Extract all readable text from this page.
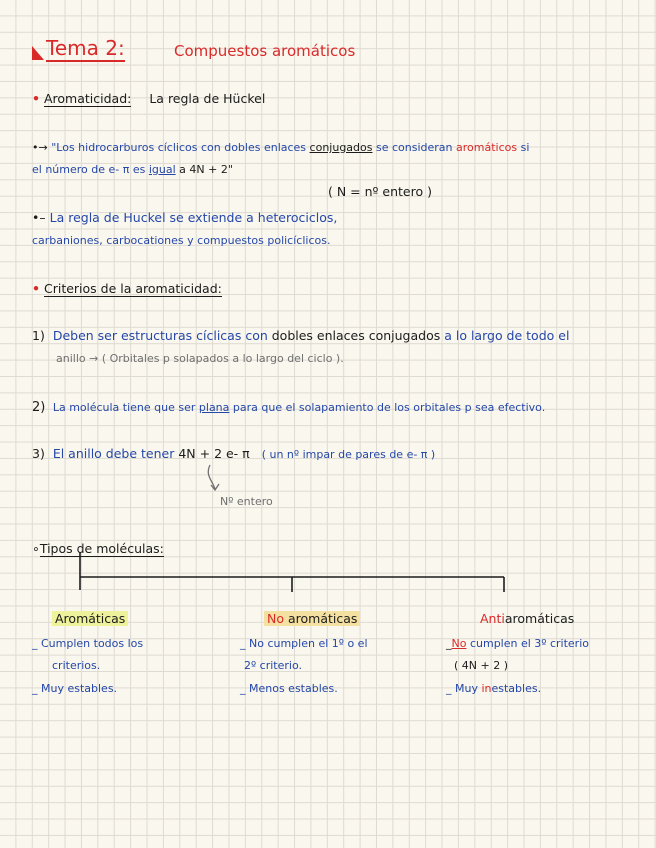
Tema 2:	Compuestos aromáticos
• Aromaticidad: La regla de Hückel
•→ "Los hidrocarburos cíclicos con dobles enlaces conjugados se consideran aromáticos si
el número de e- π es igual a 4N + 2"
( N = nº entero )
•– La regla de Huckel se extiende a heterociclos,
carbaniones, carbocationes y compuestos policíclicos.
• Criterios de la aromaticidad:
1) Deben ser estructuras cíclicas con dobles enlaces conjugados a lo largo de todo el
anillo → ( Orbitales p solapados a lo largo del ciclo ).
2) La molécula tiene que ser plana para que el solapamiento de los orbitales p sea efectivo.
3) El anillo debe tener 4N + 2 e- π ( un nº impar de pares de e- π )
Nº entero
∘Tipos de moléculas:
Aromáticas
_ Cumplen todos los
criterios.
_ Muy estables.
No aromáticas
_ No cumplen el 1º o el
2º criterio.
_ Menos estables.
Antiaromáticas
_No cumplen el 3º criterio
( 4N + 2 )
_ Muy inestables.
